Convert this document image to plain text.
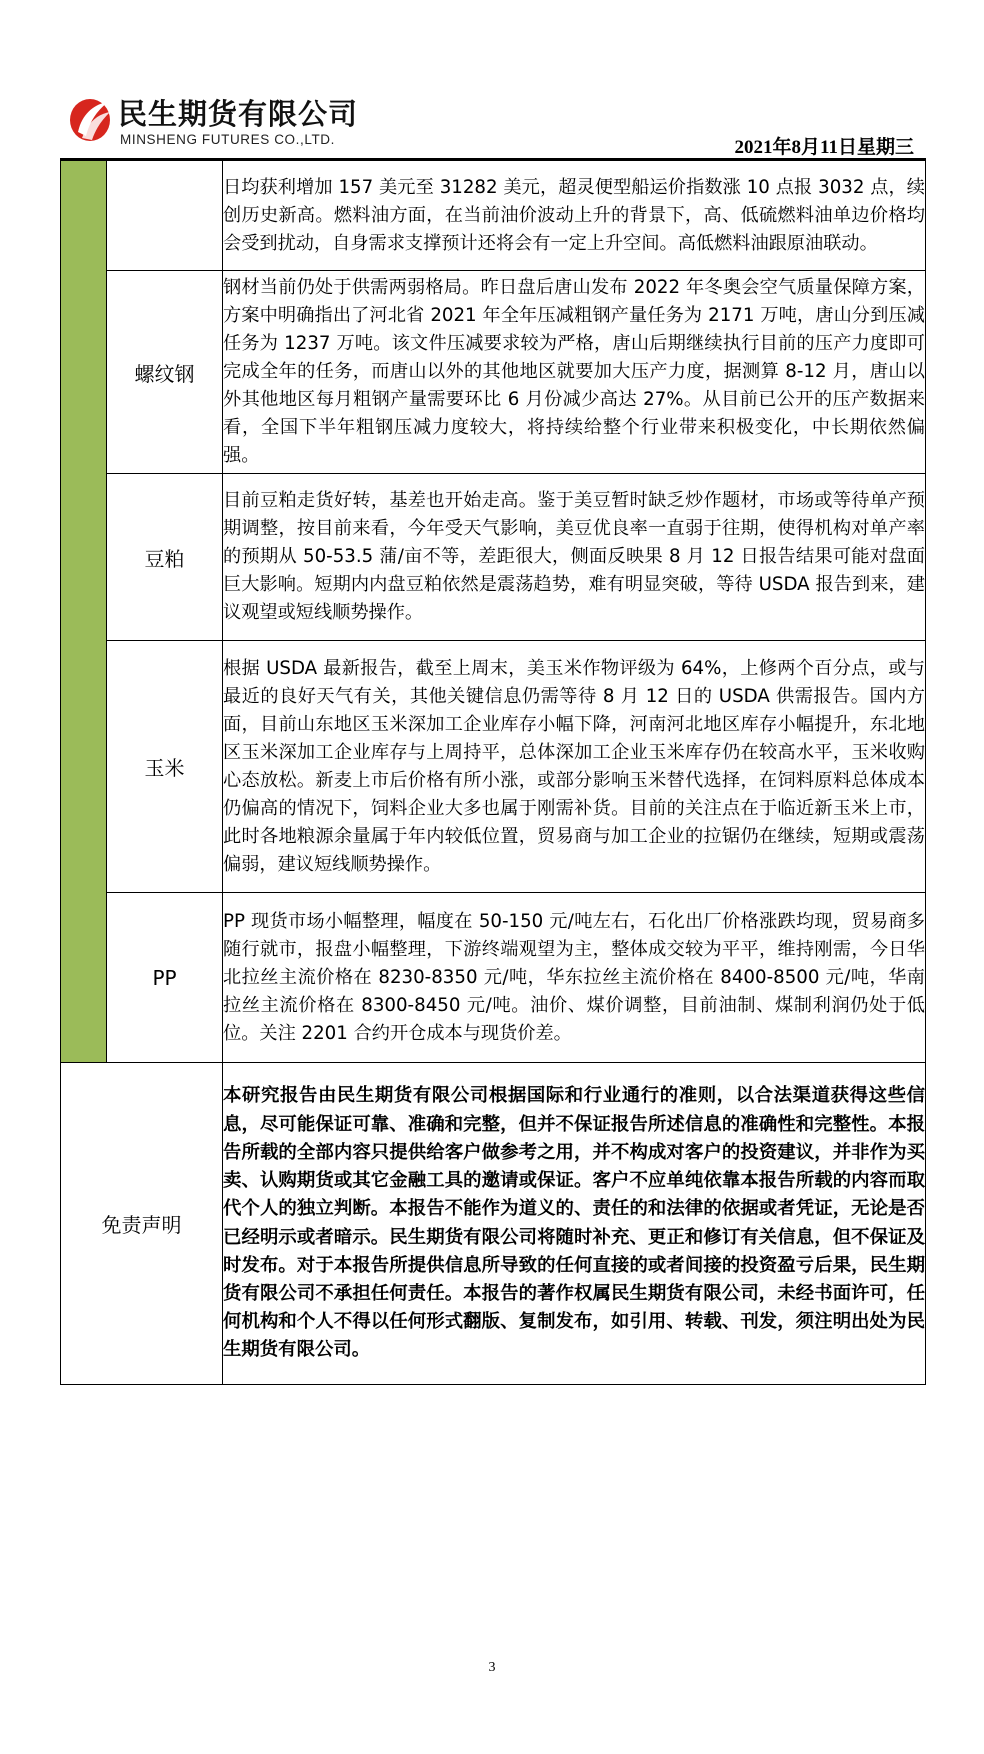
民生期货有限公司
MINSHENG FUTURES CO.,LTD.	2021年8月11日星期三
		日均获利增加 157 美元至 31282 美元，超灵便型船运价指数涨 10 点报 3032 点，续创历史新高。燃料油方面，在当前油价波动上升的背景下，高、低硫燃料油单边价格均会受到扰动，自身需求支撑预计还将会有一定上升空间。高低燃料油跟原油联动。
	螺纹钢	钢材当前仍处于供需两弱格局。昨日盘后唐山发布 2022 年冬奥会空气质量保障方案，方案中明确指出了河北省 2021 年全年压减粗钢产量任务为 2171 万吨，唐山分到压减任务为 1237 万吨。该文件压减要求较为严格，唐山后期继续执行目前的压产力度即可完成全年的任务，而唐山以外的其他地区就要加大压产力度，据测算 8-12 月，唐山以外其他地区每月粗钢产量需要环比 6 月份减少高达 27%。从目前已公开的压产数据来看，全国下半年粗钢压减力度较大，将持续给整个行业带来积极变化，中长期依然偏强。
	豆粕	目前豆粕走货好转，基差也开始走高。鉴于美豆暂时缺乏炒作题材，市场或等待单产预期调整，按目前来看，今年受天气影响，美豆优良率一直弱于往期，使得机构对单产率的预期从 50-53.5 蒲/亩不等，差距很大，侧面反映果 8 月 12 日报告结果可能对盘面巨大影响。短期内内盘豆粕依然是震荡趋势，难有明显突破，等待 USDA 报告到来，建议观望或短线顺势操作。
	玉米	根据 USDA 最新报告，截至上周末，美玉米作物评级为 64%，上修两个百分点，或与最近的良好天气有关，其他关键信息仍需等待 8 月 12 日的 USDA 供需报告。国内方面，目前山东地区玉米深加工企业库存小幅下降，河南河北地区库存小幅提升，东北地区玉米深加工企业库存与上周持平，总体深加工企业玉米库存仍在较高水平，玉米收购心态放松。新麦上市后价格有所小涨，或部分影响玉米替代选择，在饲料原料总体成本仍偏高的情况下，饲料企业大多也属于刚需补货。目前的关注点在于临近新玉米上市，此时各地粮源余量属于年内较低位置，贸易商与加工企业的拉锯仍在继续，短期或震荡偏弱，建议短线顺势操作。
	PP	PP 现货市场小幅整理，幅度在 50-150 元/吨左右，石化出厂价格涨跌均现，贸易商多随行就市，报盘小幅整理，下游终端观望为主，整体成交较为平平，维持刚需，今日华北拉丝主流价格在 8230-8350 元/吨，华东拉丝主流价格在 8400-8500 元/吨，华南拉丝主流价格在 8300-8450 元/吨。油价、煤价调整，目前油制、煤制利润仍处于低位。关注 2201 合约开仓成本与现货价差。
免责声明		本研究报告由民生期货有限公司根据国际和行业通行的准则，以合法渠道获得这些信息，尽可能保证可靠、准确和完整，但并不保证报告所述信息的准确性和完整性。本报告所载的全部内容只提供给客户做参考之用，并不构成对客户的投资建议，并非作为买卖、认购期货或其它金融工具的邀请或保证。客户不应单纯依靠本报告所载的内容而取代个人的独立判断。本报告不能作为道义的、责任的和法律的依据或者凭证，无论是否已经明示或者暗示。民生期货有限公司将随时补充、更正和修订有关信息，但不保证及时发布。对于本报告所提供信息所导致的任何直接的或者间接的投资盈亏后果，民生期货有限公司不承担任何责任。本报告的著作权属民生期货有限公司，未经书面许可，任何机构和个人不得以任何形式翻版、复制发布，如引用、转载、刊发，须注明出处为民生期货有限公司。
3
